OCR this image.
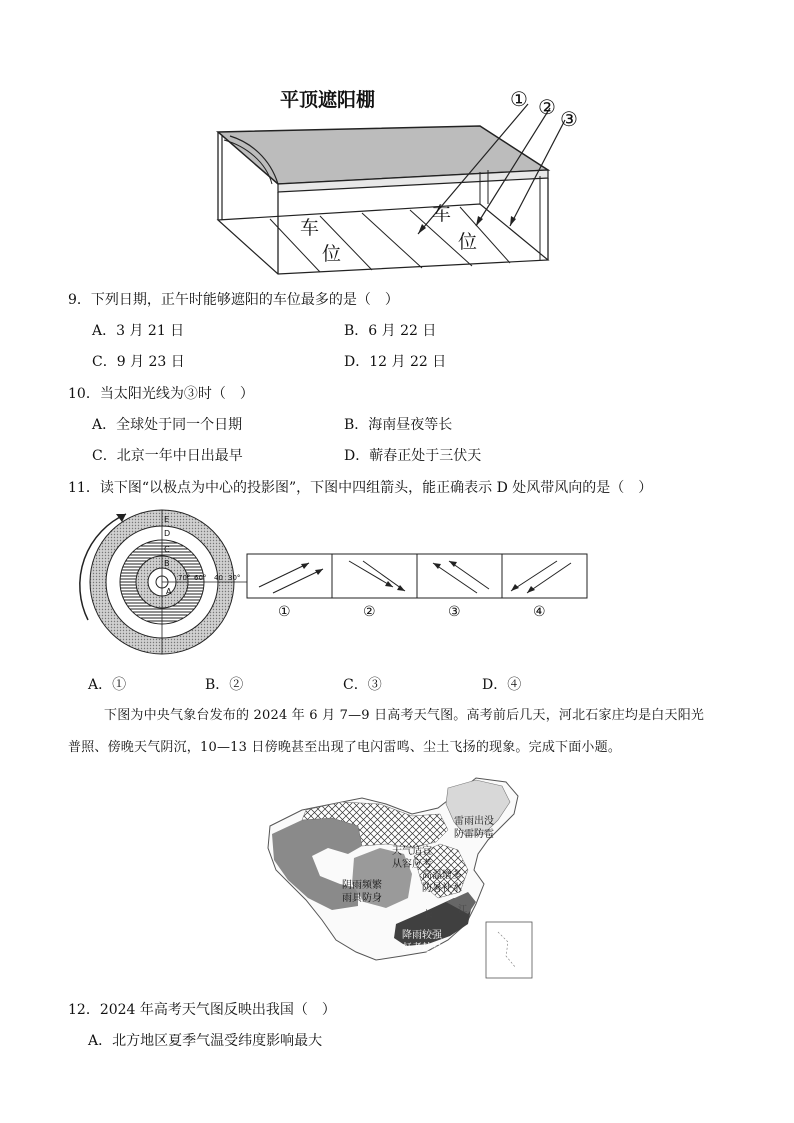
平顶遮阳棚	① ② ③
车
位
车
位
9．下列日期，正午时能够遮阳的车位最多的是（　）
A．3 月 21 日	B．6 月 22 日
C．9 月 23 日	D．12 月 22 日
10．当太阳光线为③时（　）
A．全球处于同一个日期	B．海南昼夜等长
C．北京一年中日出最早	D．蕲春正处于三伏天
11．读下图“以极点为中心的投影图”，下图中四组箭头，能正确表示 D 处风带风向的是（　）
E
D
C
B
A
70° 60° 40 30°
①	②	③	④
A．①	B．②	C．③	D．④
下图为中央气象台发布的 2024 年 6 月 7—9 日高考天气图。高考前后几天，河北石家庄均是白天阳光
普照、傍晚天气阴沉，10—13 日傍晚甚至出现了电闪雷鸣、尘土飞扬的现象。完成下面小题。
雷雨出没
防雷防雹
天气适宜
从容应考
高温增多
防暑补水
阴雨频繁
雨具防身
降雨较强
赶考趁早
长	江
12．2024 年高考天气图反映出我国（　）
A．北方地区夏季气温受纬度影响最大
